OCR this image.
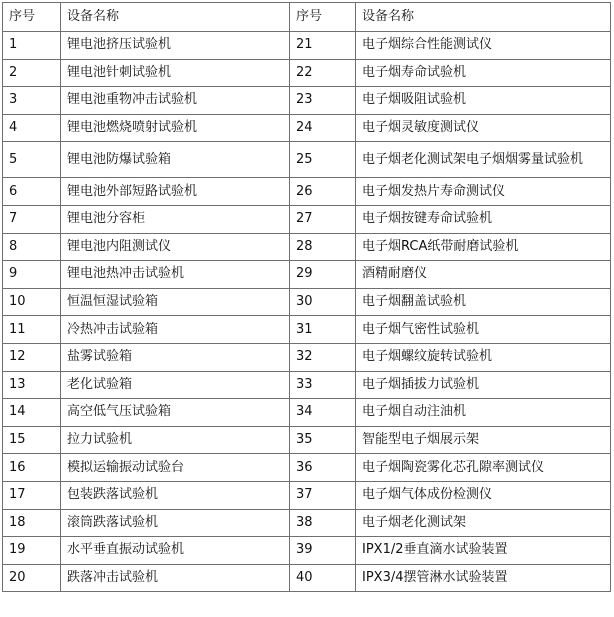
序号	设备名称	序号	设备名称
1	锂电池挤压试验机	21	电子烟综合性能测试仪
2	锂电池针刺试验机	22	电子烟寿命试验机
3	锂电池重物冲击试验机	23	电子烟吸阻试验机
4	锂电池燃烧喷射试验机	24	电子烟灵敏度测试仪
5	锂电池防爆试验箱	25	电子烟老化测试架电子烟烟雾量试验机
6	锂电池外部短路试验机	26	电子烟发热片寿命测试仪
7	锂电池分容柜	27	电子烟按键寿命试验机
8	锂电池内阻测试仪	28	电子烟RCA纸带耐磨试验机
9	锂电池热冲击试验机	29	酒精耐磨仪
10	恒温恒湿试验箱	30	电子烟翻盖试验机
11	冷热冲击试验箱	31	电子烟气密性试验机
12	盐雾试验箱	32	电子烟螺纹旋转试验机
13	老化试验箱	33	电子烟插拔力试验机
14	高空低气压试验箱	34	电子烟自动注油机
15	拉力试验机	35	智能型电子烟展示架
16	模拟运输振动试验台	36	电子烟陶瓷雾化芯孔隙率测试仪
17	包装跌落试验机	37	电子烟气体成份检测仪
18	滚筒跌落试验机	38	电子烟老化测试架
19	水平垂直振动试验机	39	IPX1/2垂直滴水试验装置
20	跌落冲击试验机	40	IPX3/4摆管淋水试验装置
